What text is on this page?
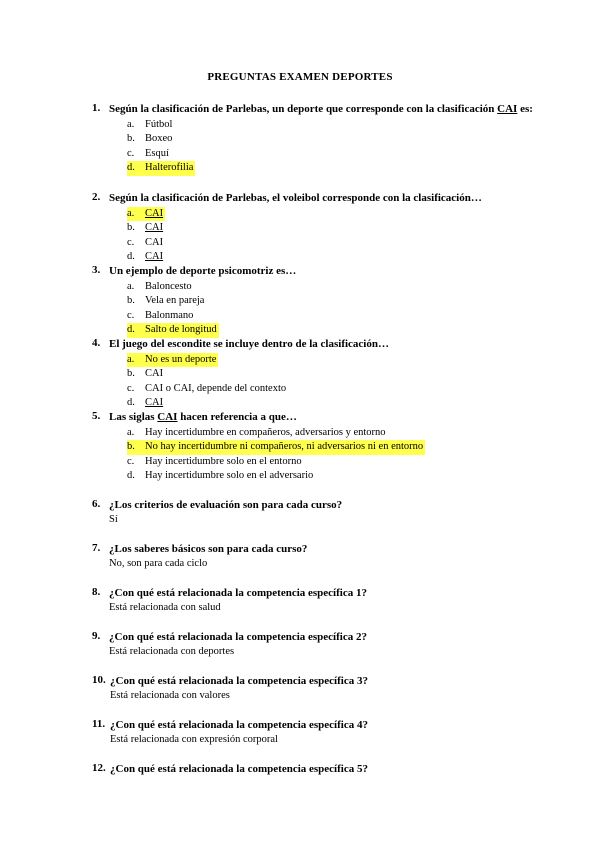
PREGUNTAS EXAMEN DEPORTES
1. Según la clasificación de Parlebas, un deporte que corresponde con la clasificación CAI es:
a.	Fútbol
b. Boxeo
c.	Esquí
d. Halterofilia
2. Según la clasificación de Parlebas, el voleibol corresponde con la clasificación…
a.	CAI
b. CAI
c.	CAI
d. CAI
3. Un ejemplo de deporte psicomotriz es…
a.	Baloncesto
b. Vela en pareja
c.	Balonmano
d. Salto de longitud
4. El juego del escondite se incluye dentro de la clasificación…
a.	No es un deporte
b. CAI
c.	CAI o CAI, depende del contexto
d. CAI
5. Las siglas CAI hacen referencia a que…
a.	Hay incertidumbre en compañeros, adversarios y entorno
b. No hay incertidumbre ni compañeros, ni adversarios ni en entorno
c.	Hay incertidumbre solo en el entorno
d. Hay incertidumbre solo en el adversario
6. ¿Los criterios de evaluación son para cada curso?
Sí
7. ¿Los saberes básicos son para cada curso?
No, son para cada ciclo
8. ¿Con qué está relacionada la competencia específica 1?
Está relacionada con salud
9. ¿Con qué está relacionada la competencia específica 2?
Está relacionada con deportes
10. ¿Con qué está relacionada la competencia específica 3?
Está relacionada con valores
11. ¿Con qué está relacionada la competencia específica 4?
Está relacionada con expresión corporal
12. ¿Con qué está relacionada la competencia específica 5?
